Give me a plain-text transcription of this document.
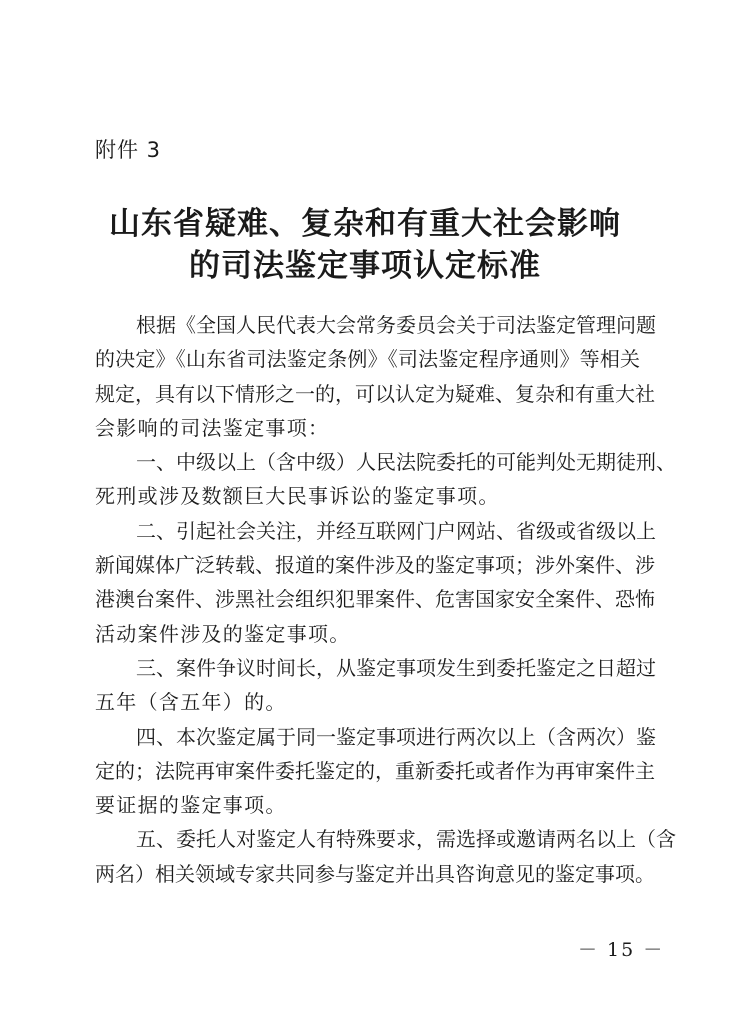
附件 3
山东省疑难、复杂和有重大社会影响
的司法鉴定事项认定标准
根据《全国人民代表大会常务委员会关于司法鉴定管理问题
的决定》《山东省司法鉴定条例》《司法鉴定程序通则》等相关
规定，具有以下情形之一的，可以认定为疑难、复杂和有重大社
会影响的司法鉴定事项：
一、中级以上（含中级）人民法院委托的可能判处无期徒刑、
死刑或涉及数额巨大民事诉讼的鉴定事项。
二、引起社会关注，并经互联网门户网站、省级或省级以上
新闻媒体广泛转载、报道的案件涉及的鉴定事项；涉外案件、涉
港澳台案件、涉黑社会组织犯罪案件、危害国家安全案件、恐怖
活动案件涉及的鉴定事项。
三、案件争议时间长，从鉴定事项发生到委托鉴定之日超过
五年（含五年）的。
四、本次鉴定属于同一鉴定事项进行两次以上（含两次）鉴
定的；法院再审案件委托鉴定的，重新委托或者作为再审案件主
要证据的鉴定事项。
五、委托人对鉴定人有特殊要求，需选择或邀请两名以上（含
两名）相关领域专家共同参与鉴定并出具咨询意见的鉴定事项。
－ 15 －
